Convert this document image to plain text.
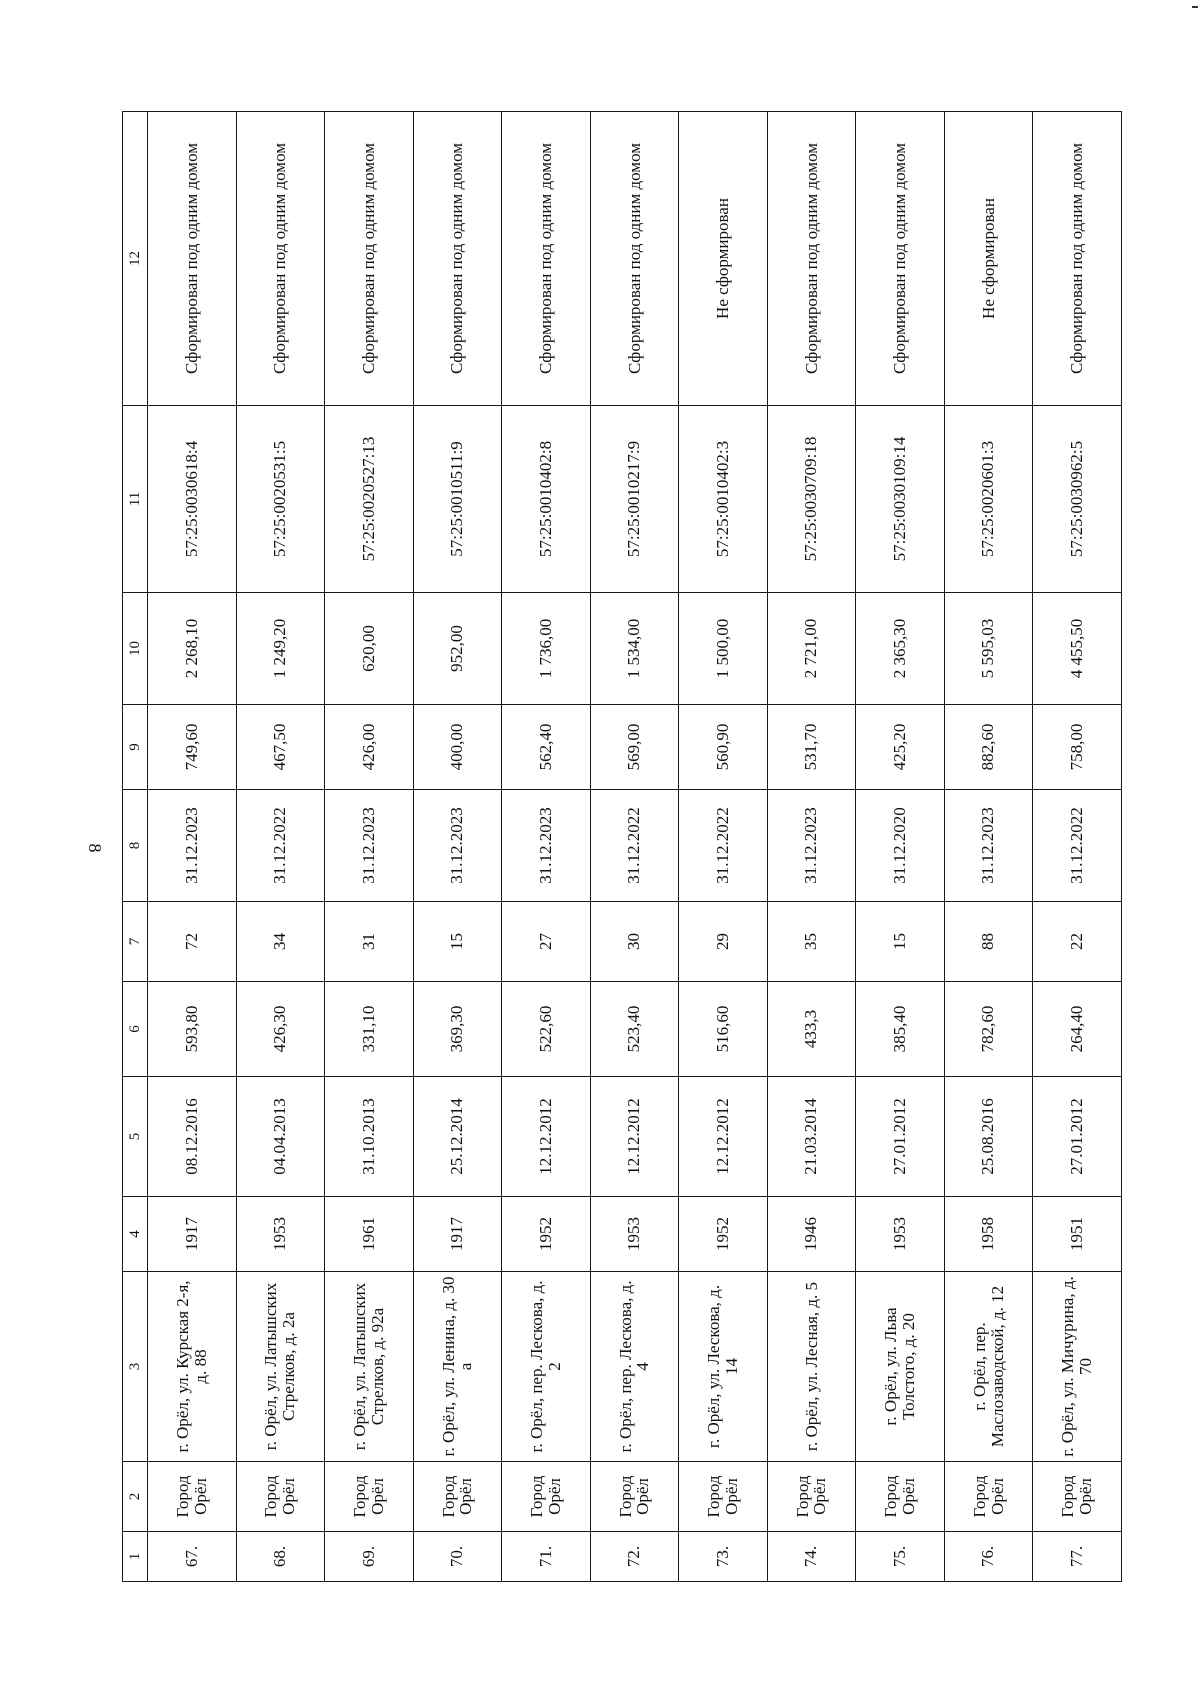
8
1	2	3	4	5	6	7	8	9	10	11	12
67.	Город Орёл	г. Орёл, ул. Курская 2-я, д. 88	1917	08.12.2016	593,80	72	31.12.2023	749,60	2 268,10	57:25:0030618:4	Сформирован под одним домом
68.	Город Орёл	г. Орёл, ул. Латышских Стрелков, д. 2а	1953	04.04.2013	426,30	34	31.12.2022	467,50	1 249,20	57:25:0020531:5	Сформирован под одним домом
69.	Город Орёл	г. Орёл, ул. Латышских Стрелков, д. 92а	1961	31.10.2013	331,10	31	31.12.2023	426,00	620,00	57:25:0020527:13	Сформирован под одним домом
70.	Город Орёл	г. Орёл, ул. Ленина, д. 30 а	1917	25.12.2014	369,30	15	31.12.2023	400,00	952,00	57:25:0010511:9	Сформирован под одним домом
71.	Город Орёл	г. Орёл, пер. Лескова, д. 2	1952	12.12.2012	522,60	27	31.12.2023	562,40	1 736,00	57:25:0010402:8	Сформирован под одним домом
72.	Город Орёл	г. Орёл, пер. Лескова, д. 4	1953	12.12.2012	523,40	30	31.12.2022	569,00	1 534,00	57:25:0010217:9	Сформирован под одним домом
73.	Город Орёл	г. Орёл, ул. Лескова, д. 14	1952	12.12.2012	516,60	29	31.12.2022	560,90	1 500,00	57:25:0010402:3	Не сформирован
74.	Город Орёл	г. Орёл, ул. Лесная, д. 5	1946	21.03.2014	433,3	35	31.12.2023	531,70	2 721,00	57:25:0030709:18	Сформирован под одним домом
75.	Город Орёл	г. Орёл, ул. Льва Толстого, д. 20	1953	27.01.2012	385,40	15	31.12.2020	425,20	2 365,30	57:25:0030109:14	Сформирован под одним домом
76.	Город Орёл	г. Орёл, пер. Маслозаводской, д. 12	1958	25.08.2016	782,60	88	31.12.2023	882,60	5 595,03	57:25:0020601:3	Не сформирован
77.	Город Орёл	г. Орёл, ул. Мичурина, д. 70	1951	27.01.2012	264,40	22	31.12.2022	758,00	4 455,50	57:25:0030962:5	Сформирован под одним домом
